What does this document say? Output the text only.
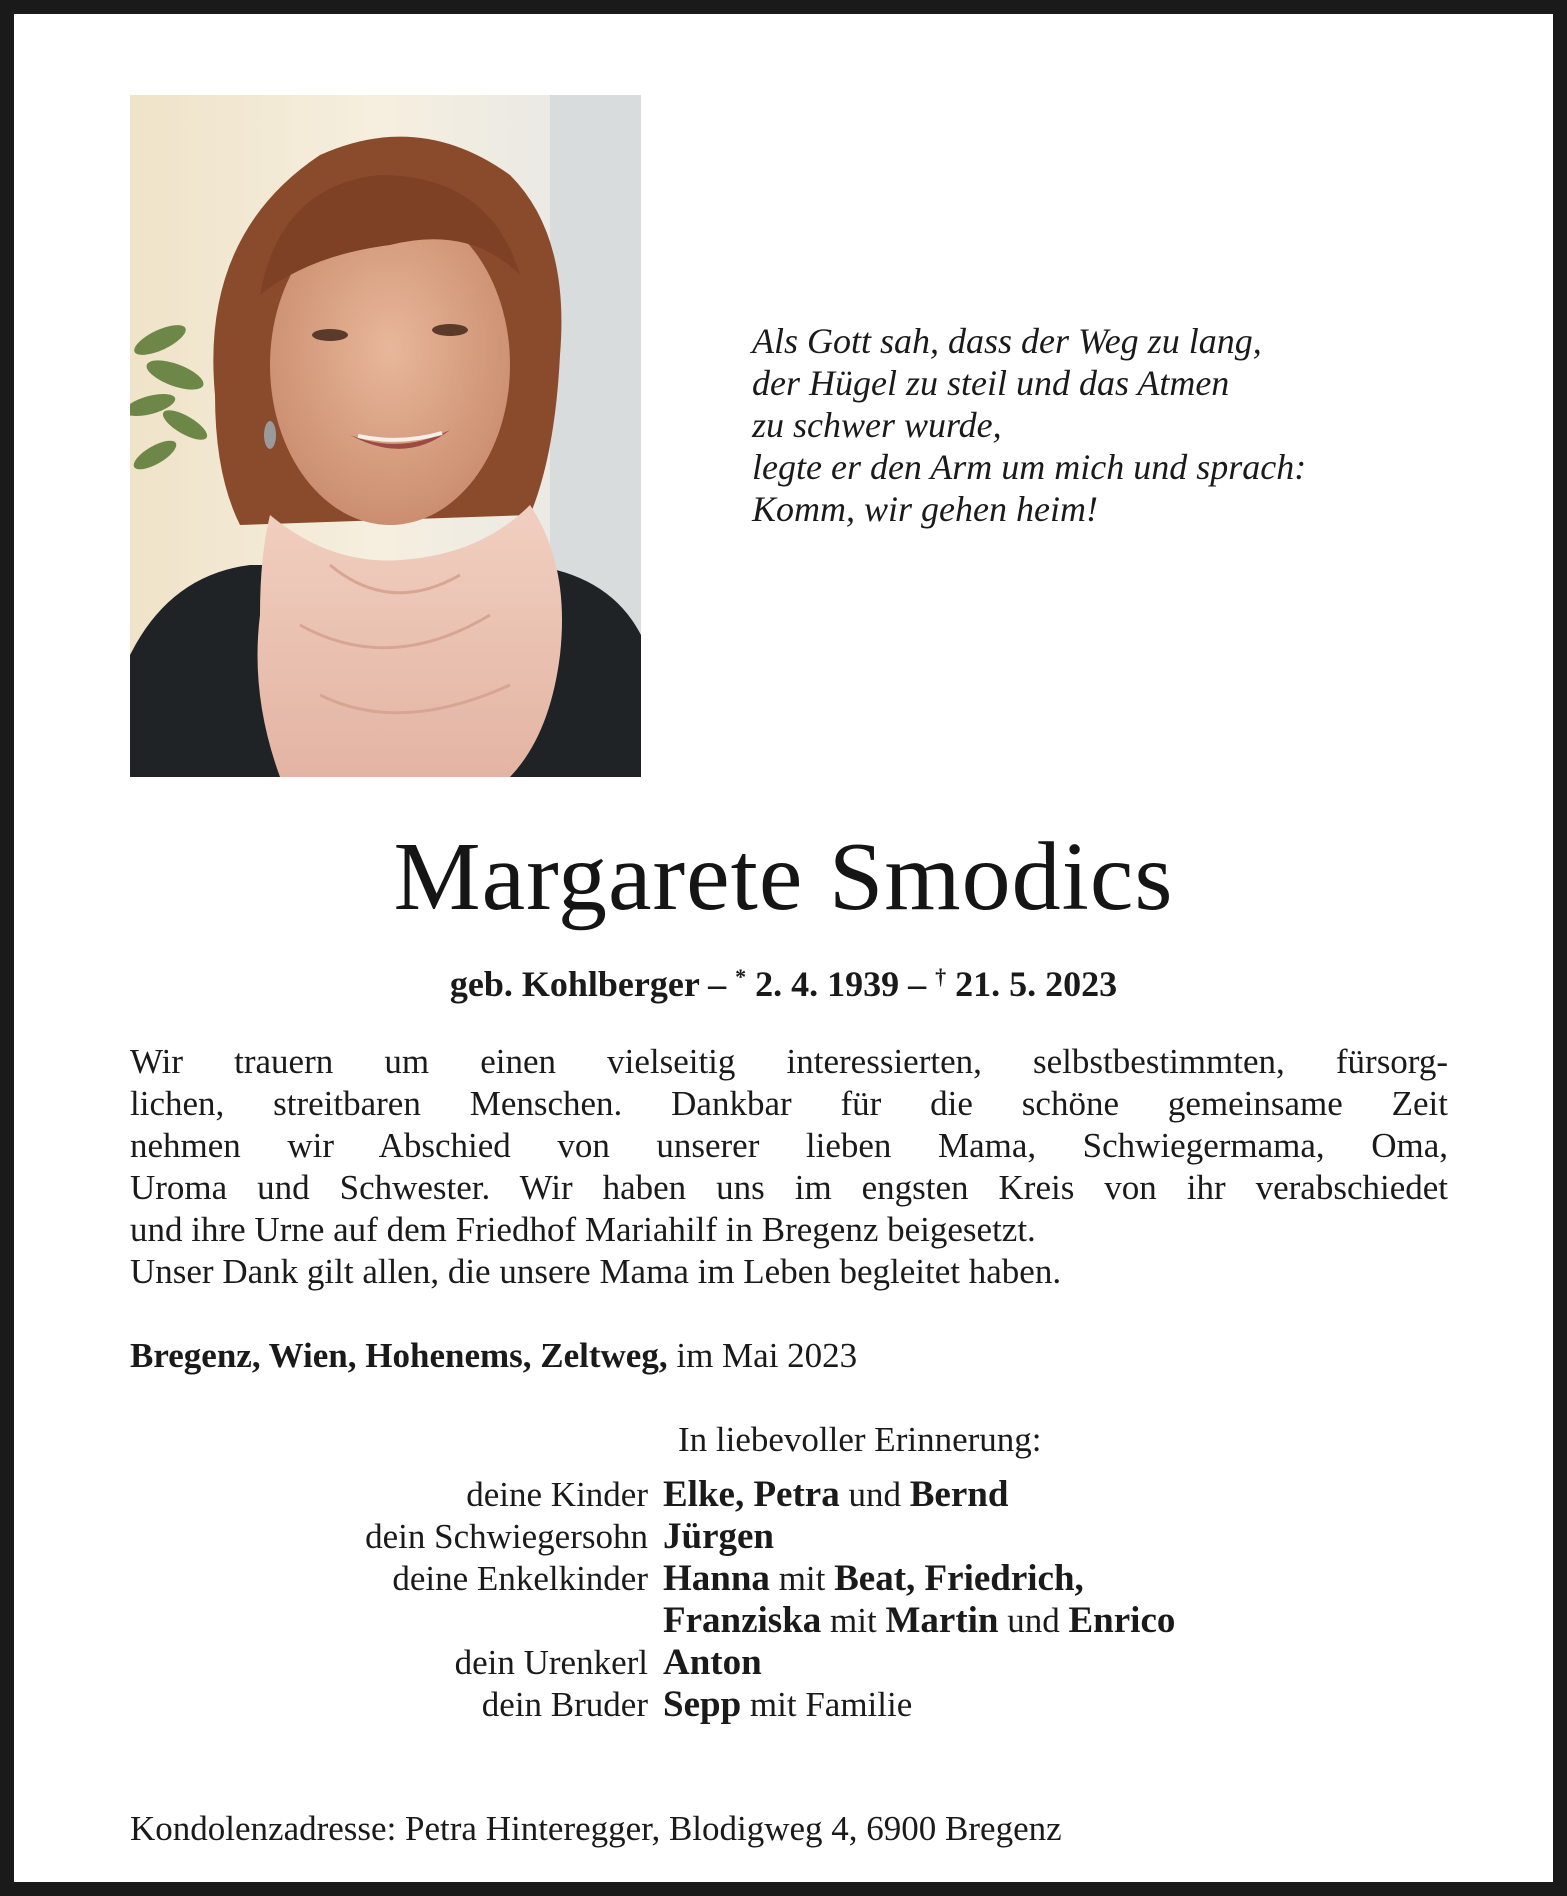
Als Gott sah, dass der Weg zu lang,
der Hügel zu steil und das Atmen
zu schwer wurde,
legte er den Arm um mich und sprach:
Komm, wir gehen heim!
Margarete Smodics
geb. Kohlberger – * 2. 4. 1939 – † 21. 5. 2023
Wir trauern um einen vielseitig interessierten, selbstbestimmten, fürsorg-
lichen, streitbaren Menschen. Dankbar für die schöne gemeinsame Zeit
nehmen wir Abschied von unserer lieben Mama, Schwiegermama, Oma,
Uroma und Schwester. Wir haben uns im engsten Kreis von ihr verabschiedet
und ihre Urne auf dem Friedhof Mariahilf in Bregenz beigesetzt.
Unser Dank gilt allen, die unsere Mama im Leben begleitet haben.
Bregenz, Wien, Hohenems, Zeltweg, im Mai 2023
In liebevoller Erinnerung:
deine Kinder Elke, Petra und Bernd
dein Schwiegersohn Jürgen
deine Enkelkinder Hanna mit Beat, Friedrich,
Franziska mit Martin und Enrico
dein Urenkerl Anton
dein Bruder Sepp mit Familie
Kondolenzadresse: Petra Hinteregger, Blodigweg 4, 6900 Bregenz
